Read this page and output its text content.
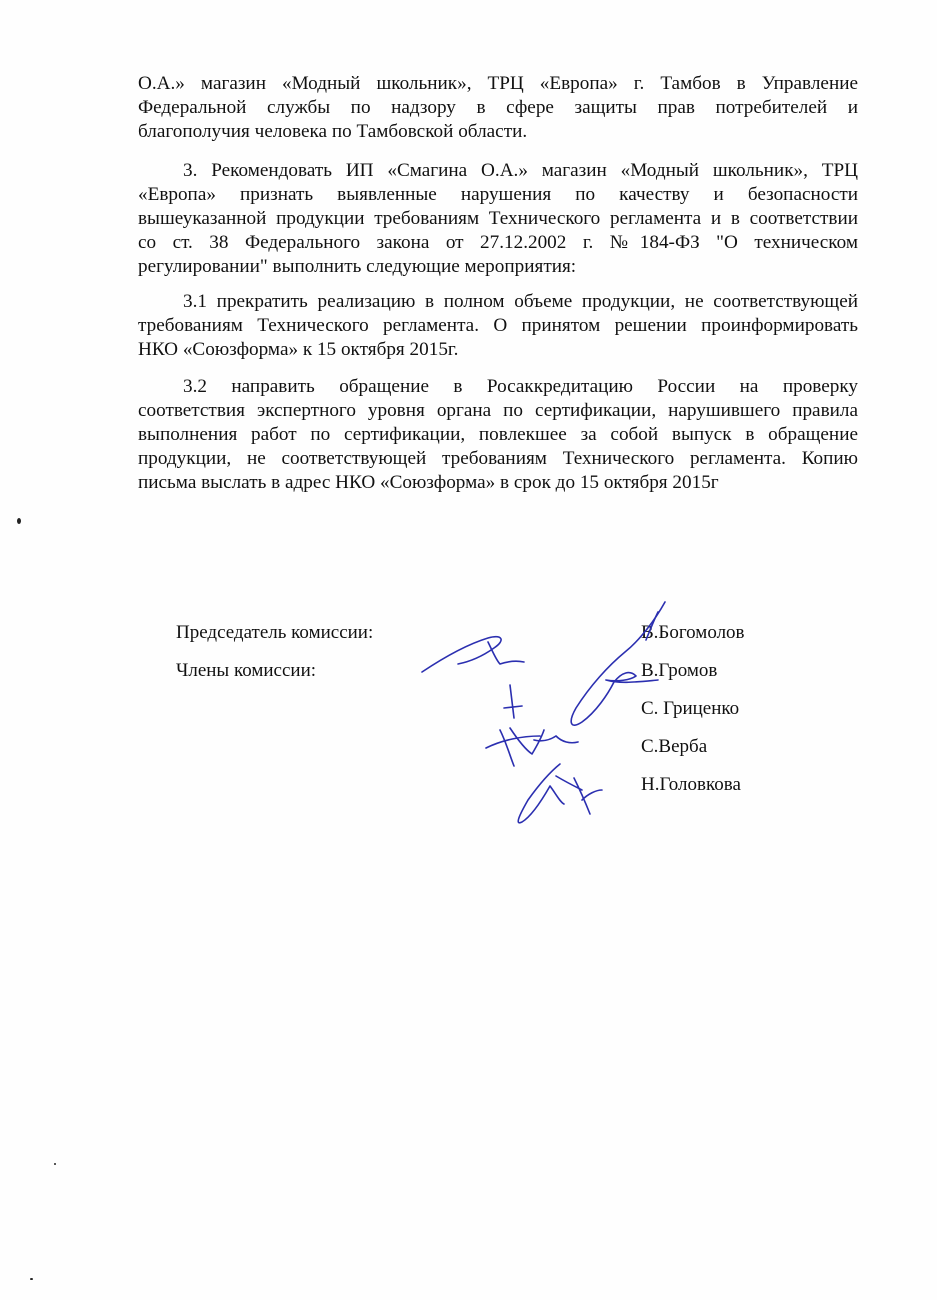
О.А.» магазин «Модный школьник», ТРЦ «Европа» г. Тамбов в Управление
Федеральной службы по надзору в сфере защиты прав потребителей и
благополучия человека по Тамбовской области.
3. Рекомендовать ИП «Смагина О.А.» магазин «Модный школьник», ТРЦ
«Европа» признать выявленные нарушения по качеству и безопасности
вышеуказанной продукции требованиям Технического регламента и в соответствии
со ст. 38 Федерального закона от 27.12.2002 г. №184-ФЗ "О техническом
регулировании" выполнить следующие мероприятия:
3.1 прекратить реализацию в полном объеме продукции, не соответствующей
требованиям Технического регламента. О принятом решении проинформировать
НКО «Союзформа» к 15 октября 2015г.
3.2 направить обращение в Росаккредитацию России на проверку
соответствия экспертного уровня органа по сертификации, нарушившего правила
выполнения работ по сертификации, повлекшее за собой выпуск в обращение
продукции, не соответствующей требованиям Технического регламента. Копию
письма выслать в адрес НКО «Союзформа» в срок до 15 октября 2015г
Председатель комиссии:
Члены комиссии:
В.Богомолов
В.Громов
С. Гриценко
С.Верба
Н.Головкова
